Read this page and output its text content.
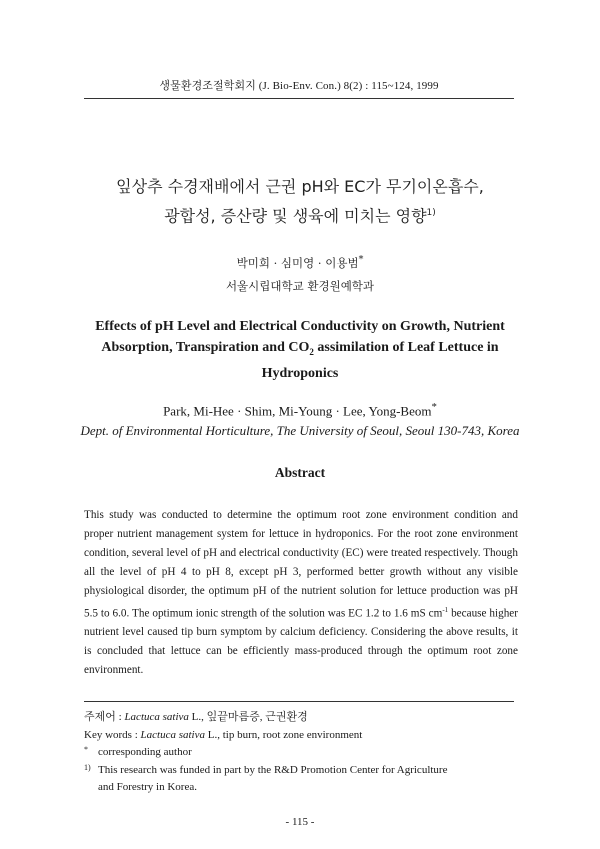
생물환경조절학회지 (J. Bio-Env. Con.) 8(2) : 115~124, 1999
잎상추 수경재배에서 근권 pH와 EC가 무기이온흡수,
광합성, 증산량 및 생육에 미치는 영향$^{1)}$
박미희 · 심미영 · 이용범*
서울시립대학교 환경원예학과
Effects of pH Level and Electrical Conductivity on Growth, Nutrient
Absorption, Transpiration and $CO_2$ assimilation of Leaf Lettuce in
Hydroponics
Park, Mi-Hee · Shim, Mi-Young · Lee, Yong-Beom*
Dept. of Environmental Horticulture, The University of Seoul, Seoul 130-743, Korea
Abstract
This study was conducted to determine the optimum root zone environment condition and proper nutrient management system for lettuce in hydroponics. For the root zone environment condition, several level of pH and electrical conductivity (EC) were treated respectively. Though all the level of pH 4 to pH 8, except pH 3, performed better growth without any visible physiological disorder, the optimum pH of the nutrient solution for lettuce production was pH 5.5 to 6.0. The optimum ionic strength of the solution was EC 1.2 to 1.6 mS $cm^{-1}$ because higher nutrient level caused tip burn symptom by calcium deficiency. Considering the above results, it is concluded that lettuce can be efficiently mass-produced through the optimum root zone environment.
주제어 : Lactuca sativa L., 잎끝마름증, 근권환경
Key words : Lactuca sativa L., tip burn, root zone environment
* corresponding author
1) This research was funded in part by the R&D Promotion Center for Agriculture
and Forestry in Korea.
- 115 -
